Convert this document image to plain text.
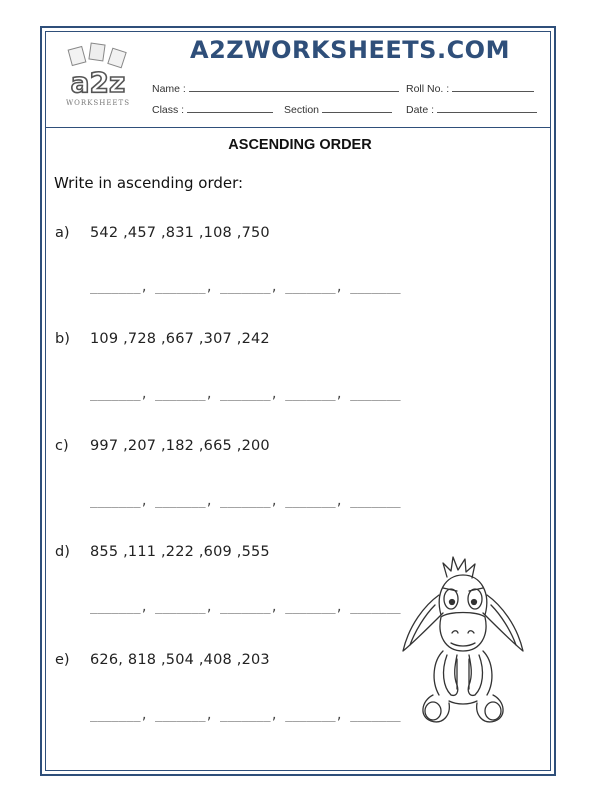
a2z
WORKSHEETS
A2ZWORKSHEETS.COM
Name :	Roll No. :
Class :	Section	Date :
ASCENDING ORDER
Write in ascending order:
a) 542 ,457 ,831 ,108 ,750
_______, _______, _______, _______, _______
b) 109 ,728 ,667 ,307 ,242
_______, _______, _______, _______, _______
c) 997 ,207 ,182 ,665 ,200
_______, _______, _______, _______, _______
d) 855 ,111 ,222 ,609 ,555
_______, _______, _______, _______, _______
e) 626, 818 ,504 ,408 ,203
_______, _______, _______, _______, _______
